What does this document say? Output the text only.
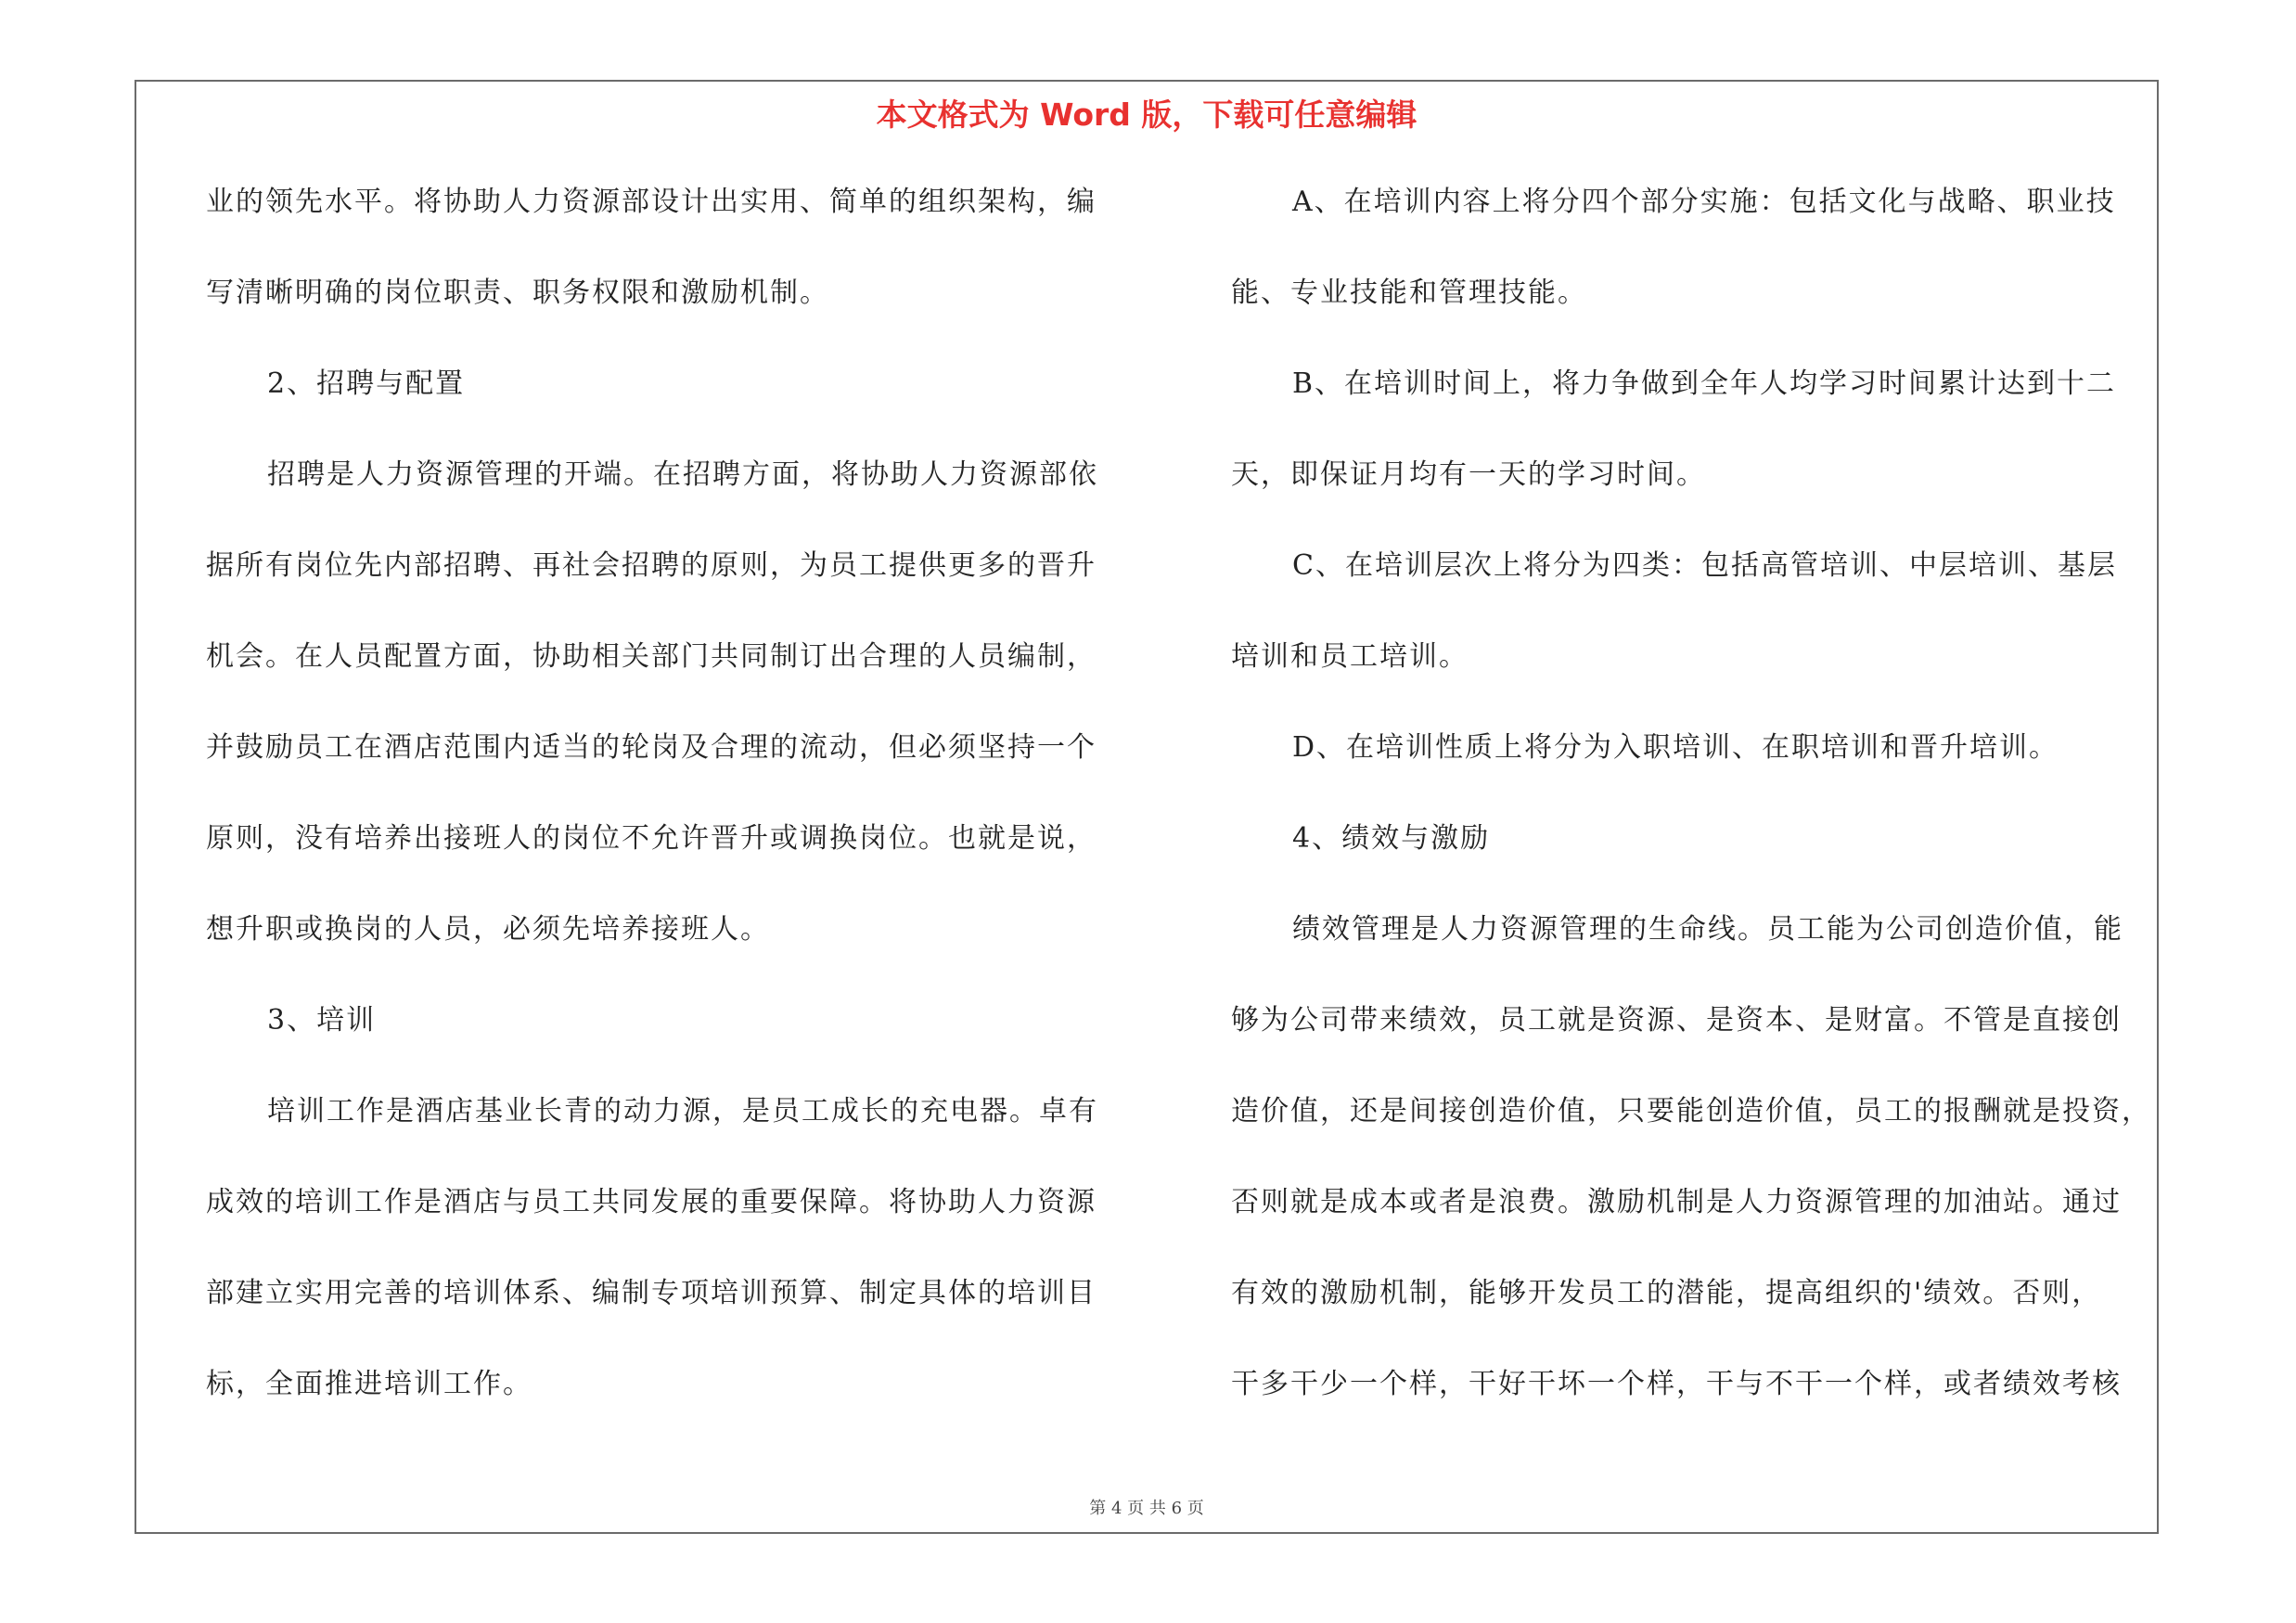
本文格式为 Word 版，下载可任意编辑
业的领先水平。将协助人力资源部设计出实用、简单的组织架构，编
写清晰明确的岗位职责、职务权限和激励机制。
2、招聘与配置
招聘是人力资源管理的开端。在招聘方面，将协助人力资源部依
据所有岗位先内部招聘、再社会招聘的原则，为员工提供更多的晋升
机会。在人员配置方面，协助相关部门共同制订出合理的人员编制，
并鼓励员工在酒店范围内适当的轮岗及合理的流动，但必须坚持一个
原则，没有培养出接班人的岗位不允许晋升或调换岗位。也就是说，
想升职或换岗的人员，必须先培养接班人。
3、培训
培训工作是酒店基业长青的动力源，是员工成长的充电器。卓有
成效的培训工作是酒店与员工共同发展的重要保障。将协助人力资源
部建立实用完善的培训体系、编制专项培训预算、制定具体的培训目
标，全面推进培训工作。
A、在培训内容上将分四个部分实施：包括文化与战略、职业技
能、专业技能和管理技能。
B、在培训时间上，将力争做到全年人均学习时间累计达到十二
天，即保证月均有一天的学习时间。
C、在培训层次上将分为四类：包括高管培训、中层培训、基层
培训和员工培训。
D、在培训性质上将分为入职培训、在职培训和晋升培训。
4、绩效与激励
绩效管理是人力资源管理的生命线。员工能为公司创造价值，能
够为公司带来绩效，员工就是资源、是资本、是财富。不管是直接创
造价值，还是间接创造价值，只要能创造价值，员工的报酬就是投资，
否则就是成本或者是浪费。激励机制是人力资源管理的加油站。通过
有效的激励机制，能够开发员工的潜能，提高组织的'绩效。否则，
干多干少一个样，干好干坏一个样，干与不干一个样，或者绩效考核
第 4 页 共 6 页
